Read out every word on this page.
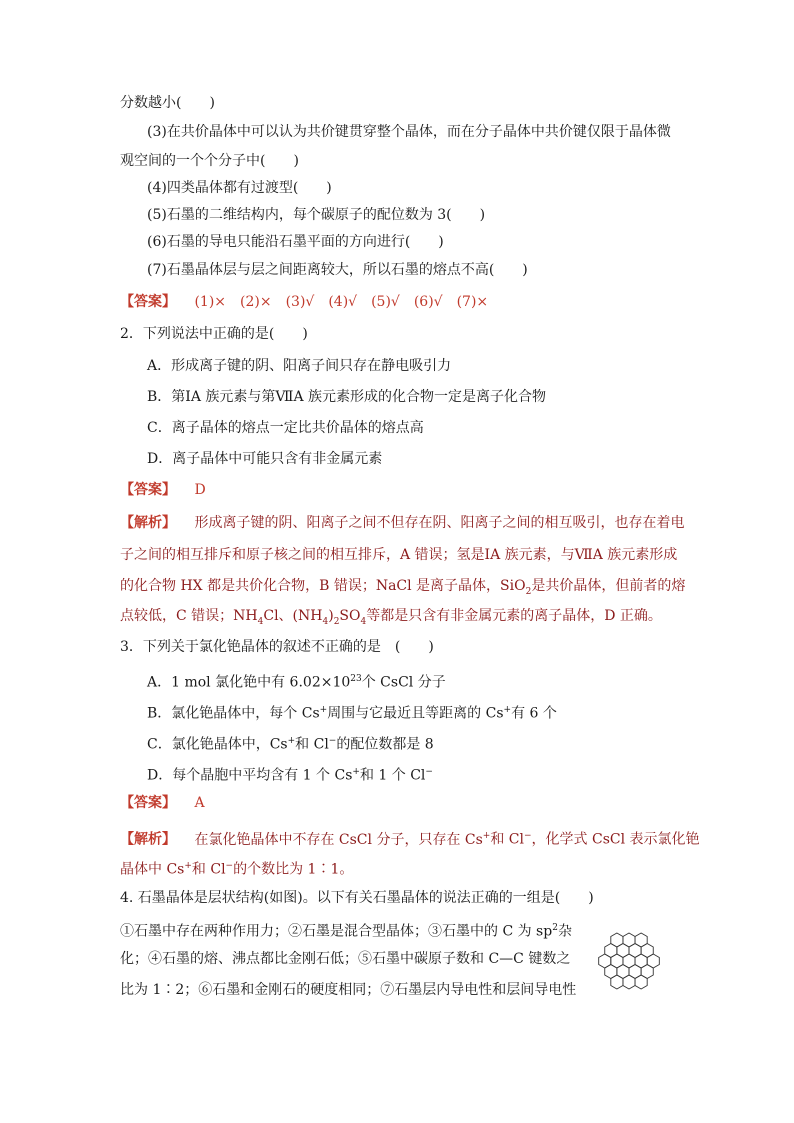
分数越小(　　)
(3)在共价晶体中可以认为共价键贯穿整个晶体，而在分子晶体中共价键仅限于晶体微
观空间的一个个分子中(　　)
(4)四类晶体都有过渡型(　　)
(5)石墨的二维结构内，每个碳原子的配位数为 3(　　)
(6)石墨的导电只能沿石墨平面的方向进行(　　)
(7)石墨晶体层与层之间距离较大，所以石墨的熔点不高(　　)
【答案】 (1)×　(2)×　(3)√　(4)√　(5)√　(6)√　(7)×
2．下列说法中正确的是(　　)
A．形成离子键的阴、阳离子间只存在静电吸引力
B．第ⅠA 族元素与第ⅦA 族元素形成的化合物一定是离子化合物
C．离子晶体的熔点一定比共价晶体的熔点高
D．离子晶体中可能只含有非金属元素
【答案】 D
【解析】 形成离子键的阴、阳离子之间不但存在阴、阳离子之间的相互吸引，也存在着电
子之间的相互排斥和原子核之间的相互排斥，A 错误；氢是ⅠA 族元素，与ⅦA 族元素形成
的化合物 HX 都是共价化合物，B 错误；NaCl 是离子晶体，SiO$_2$是共价晶体，但前者的熔
点较低，C 错误；$NH_4Cl$、$(NH_4)_2SO_4$等都是只含有非金属元素的离子晶体，D 正确。
3．下列关于氯化铯晶体的叙述不正确的是　(　　)
A．1 mol 氯化铯中有 $6.02\times 10^{23}$个 CsCl 分子
B．氯化铯晶体中，每个 Cs+周围与它最近且等距离的 Cs+有 6 个
C．氯化铯晶体中，Cs+和 Cl−的配位数都是 8
D．每个晶胞中平均含有 1 个 Cs+和 1 个 Cl−
【答案】 A
【解析】 在氯化铯晶体中不存在 CsCl 分子，只存在 Cs+和 Cl−，化学式 CsCl 表示氯化铯
晶体中 Cs+和 Cl−的个数比为 1∶1。
4. 石墨晶体是层状结构(如图)。以下有关石墨晶体的说法正确的一组是(　　)
①石墨中存在两种作用力；②石墨是混合型晶体；③石墨中的 C 为 $sp^2$杂
化；④石墨的熔、沸点都比金刚石低；⑤石墨中碳原子数和 C—C 键数之
比为 1∶2；⑥石墨和金刚石的硬度相同；⑦石墨层内导电性和层间导电性
